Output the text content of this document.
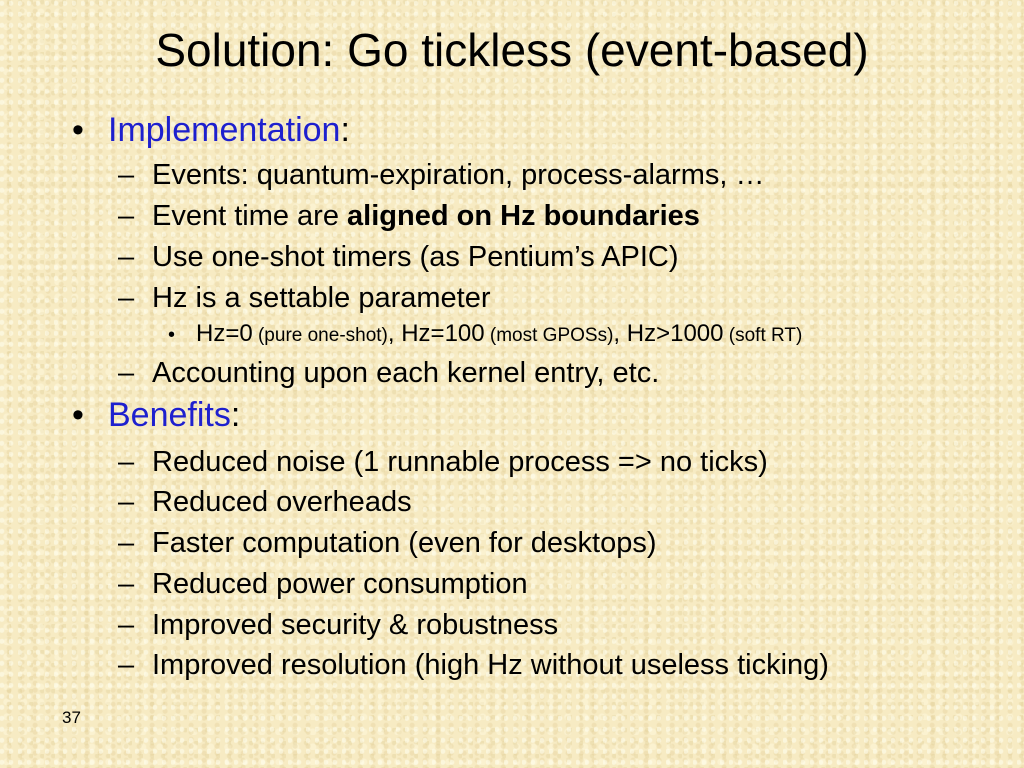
Solution: Go tickless (event-based)
• Implementation:
– Events: quantum-expiration, process-alarms, …
– Event time are aligned on Hz boundaries
– Use one-shot timers (as Pentium’s APIC)
– Hz is a settable parameter
• Hz=0 (pure one-shot), Hz=100 (most GPOSs), Hz>1000 (soft RT)
– Accounting upon each kernel entry, etc.
• Benefits:
– Reduced noise (1 runnable process => no ticks)
– Reduced overheads
– Faster computation (even for desktops)
– Reduced power consumption
– Improved security & robustness
– Improved resolution (high Hz without useless ticking)
37
